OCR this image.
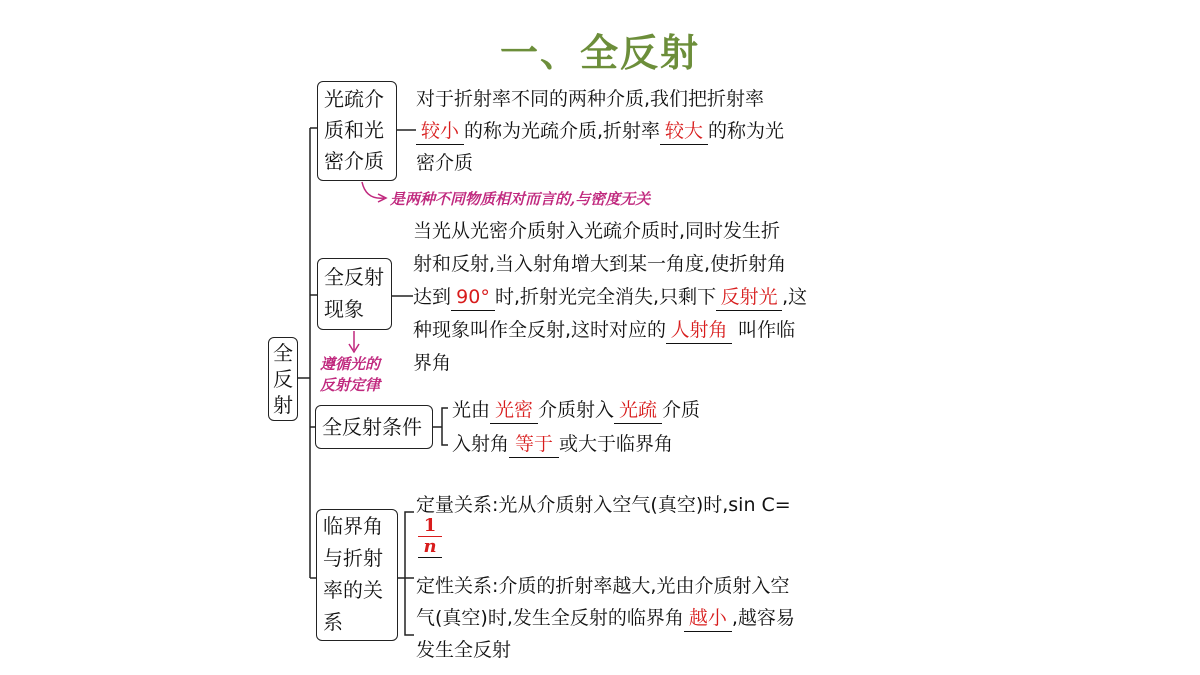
一、全反射
全反射
光疏介
质和光
密介质
对于折射率不同的两种介质,我们把折射率
较小 的称为光疏介质,折射率 较大 的称为光
密介质
是两种不同物质相对而言的,与密度无关
全反射
现象
当光从光密介质射入光疏介质时,同时发生折
射和反射,当入射角增大到某一角度,使折射角
达到 90° 时,折射光完全消失,只剩下 反射光 ,这
种现象叫作全反射,这时对应的 人射角 叫作临
界角
遵循光的
反射定律
全反射条件
光由 光密 介质射入 光疏 介质
入射角 等于 或大于临界角
临界角
与折射
率的关
系
定量关系:光从介质射入空气(真空)时,sin C=
$\frac{1}{n}$
定性关系:介质的折射率越大,光由介质射入空
气(真空)时,发生全反射的临界角 越小 ,越容易
发生全反射
